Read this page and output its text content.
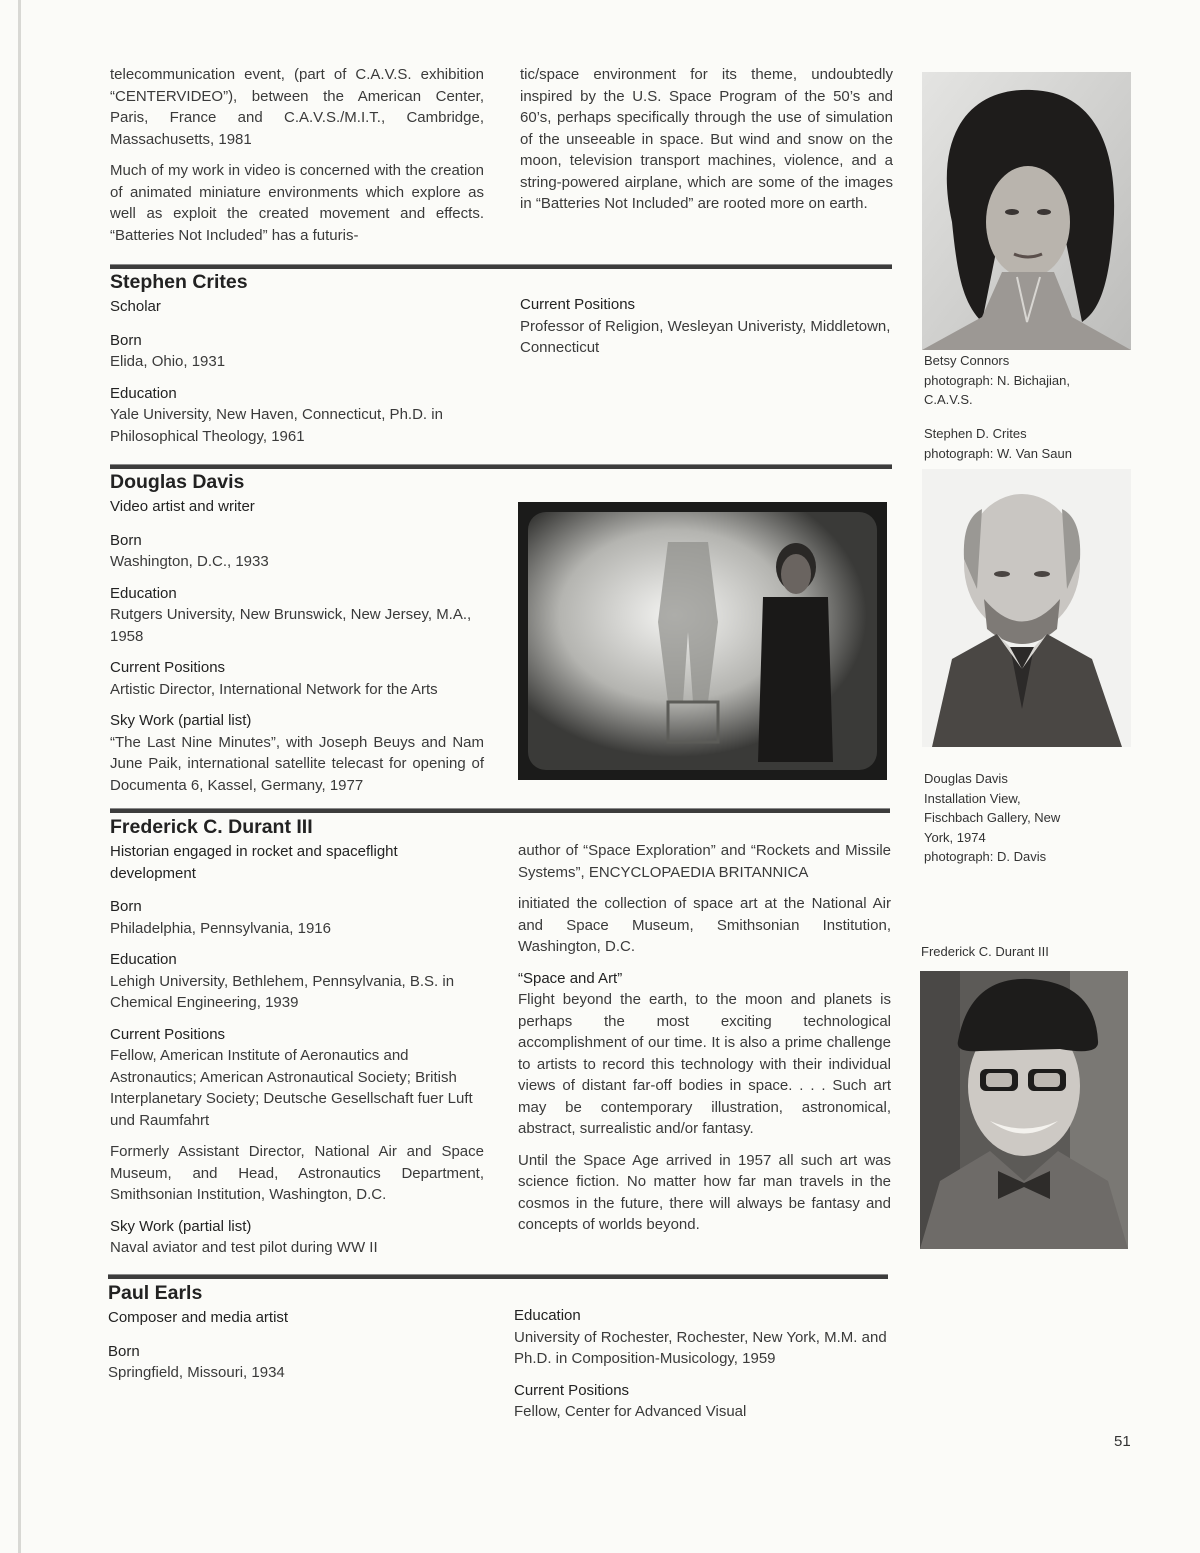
telecommunication event, (part of C.A.V.S. exhibition “CENTERVIDEO”), between the American Center, Paris, France and C.A.V.S./M.I.T., Cambridge, Massachusetts, 1981

Much of my work in video is concerned with the creation of animated miniature environments which explore as well as exploit the created movement and effects. “Batteries Not Included” has a futuris-

tic/space environment for its theme, undoubtedly inspired by the U.S. Space Program of the 50’s and 60’s, perhaps specifically through the use of simulation of the unseeable in space. But wind and snow on the moon, television transport machines, violence, and a string-powered airplane, which are some of the images in “Batteries Not Included” are rooted more on earth.

Betsy Connors
photograph: N. Bichajian,
C.A.V.S.
Stephen D. Crites
photograph: W. Van Saun
Stephen Crites
Scholar
Born
Elida, Ohio, 1931
Education
Yale University, New Haven, Connecticut, Ph.D. in Philosophical Theology, 1961
Current Positions
Professor of Religion, Wesleyan Univeristy, Middletown, Connecticut
Douglas Davis
Video artist and writer
Born
Washington, D.C., 1933
Education
Rutgers University, New Brunswick, New Jersey, M.A., 1958
Current Positions
Artistic Director, International Network for the Arts
Sky Work (partial list)
“The Last Nine Minutes”, with Joseph Beuys and Nam June Paik, international satellite telecast for opening of Documenta 6, Kassel, Germany, 1977	Douglas Davis
Installation View,
Fischbach Gallery, New
York, 1974
photograph: D. Davis
Frederick C. Durant III
Historian engaged in rocket and spaceflight development
Born
Philadelphia, Pennsylvania, 1916
Education
Lehigh University, Bethlehem, Pennsylvania, B.S. in Chemical Engineering, 1939
Current Positions
Fellow, American Institute of Aeronautics and Astronautics; American Astronautical Society; British Interplanetary Society; Deutsche Gesellschaft fuer Luft und Raumfahrt

Formerly Assistant Director, National Air and Space Museum, and Head, Astronautics Department, Smithsonian Institution, Washington, D.C.

Sky Work (partial list)
Naval aviator and test pilot during WW II

author of “Space Exploration” and “Rockets and Missile Systems”, ENCYCLOPAEDIA BRITANNICA

initiated the collection of space art at the National Air and Space Museum, Smithsonian Institution, Washington, D.C.

“Space and Art”
Flight beyond the earth, to the moon and planets is perhaps the most exciting technological accomplishment of our time. It is also a prime challenge to artists to record this technology with their individual views of distant far-off bodies in space. . . . Such art may be contemporary illustration, astronomical, abstract, surrealistic and/or fantasy.

Until the Space Age arrived in 1957 all such art was science fiction. No matter how far man travels in the cosmos in the future, there will always be fantasy and concepts of worlds beyond.

Frederick C. Durant III
Paul Earls
Composer and media artist
Born
Springfield, Missouri, 1934
Education
University of Rochester, Rochester, New York, M.M. and Ph.D. in Composition-Musicology, 1959
Current Positions
Fellow, Center for Advanced Visual
51
